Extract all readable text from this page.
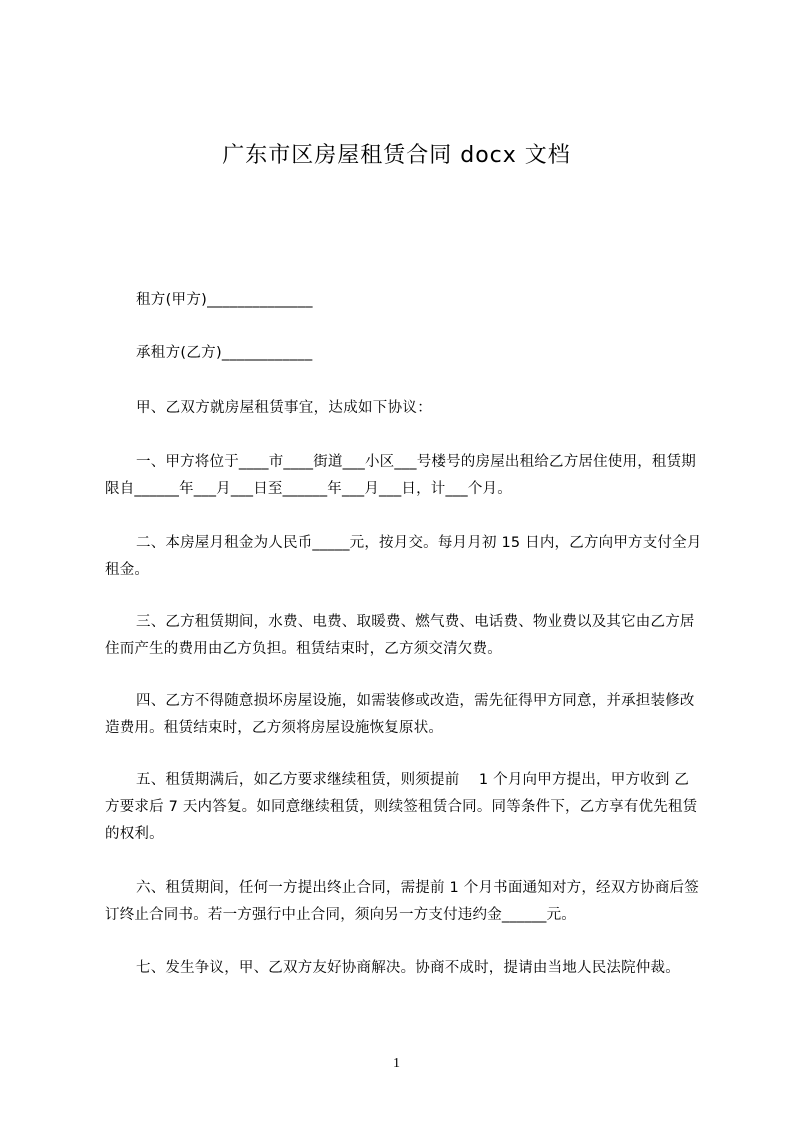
广东市区房屋租赁合同 docx 文档
租方(甲方)______________
承租方(乙方)____________
甲、乙双方就房屋租赁事宜，达成如下协议：
一、甲方将位于____市____街道___小区___号楼号的房屋出租给乙方居住使用，租赁期限自______年___月___日至______年___月___日，计___个月。
二、本房屋月租金为人民币_____元，按月交。每月月初 15 日内，乙方向甲方支付全月租金。
三、乙方租赁期间，水费、电费、取暖费、燃气费、电话费、物业费以及其它由乙方居住而产生的费用由乙方负担。租赁结束时，乙方须交清欠费。
四、乙方不得随意损坏房屋设施，如需装修或改造，需先征得甲方同意，并承担装修改造费用。租赁结束时，乙方须将房屋设施恢复原状。
五、租赁期满后，如乙方要求继续租赁，则须提前　 1 个月向甲方提出，甲方收到 乙方要求后 7 天内答复。如同意继续租赁，则续签租赁合同。同等条件下，乙方享有优先租赁的权利。
六、租赁期间，任何一方提出终止合同，需提前 1 个月书面通知对方，经双方协商后签订终止合同书。若一方强行中止合同，须向另一方支付违约金______元。
七、发生争议，甲、乙双方友好协商解决。协商不成时，提请由当地人民法院仲裁。
1
